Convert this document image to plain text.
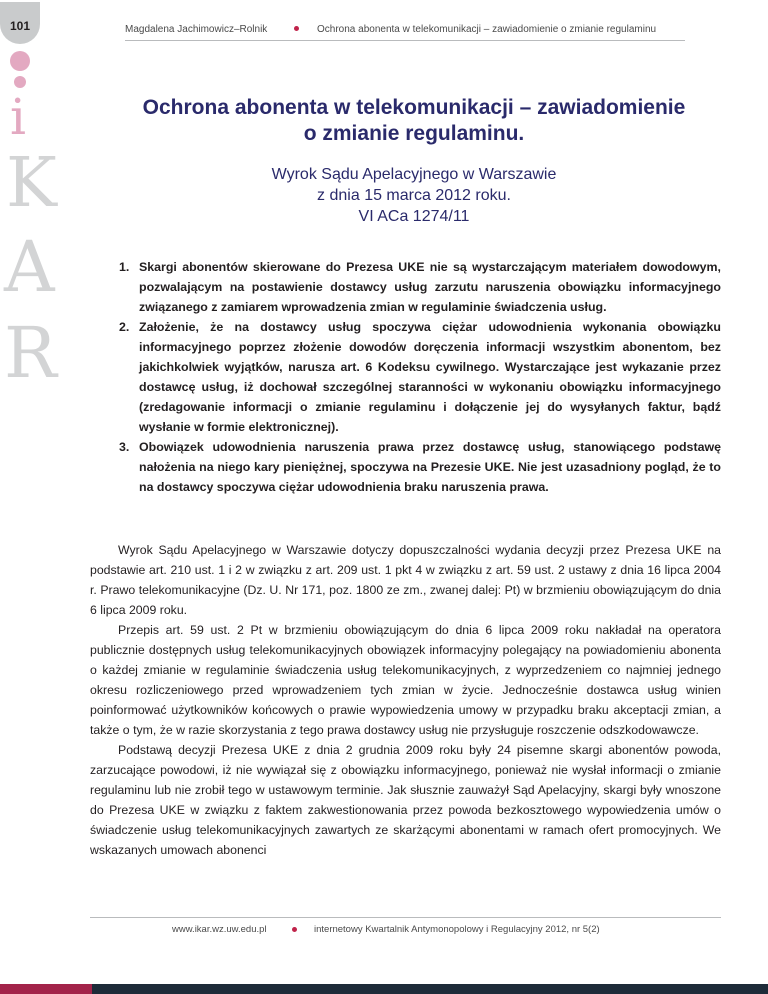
101
i
K
A
R
Magdalena Jachimowicz–Rolnik	Ochrona abonenta w telekomunikacji – zawiadomienie o zmianie regulaminu
Ochrona abonenta w telekomunikacji – zawiadomienie
o zmianie regulaminu.
Wyrok Sądu Apelacyjnego w Warszawie
z dnia 15 marca 2012 roku.
VI ACa 1274/11
1. Skargi abonentów skierowane do Prezesa UKE nie są wystarczającym materiałem dowodowym, pozwalającym na postawienie dostawcy usług zarzutu naruszenia obowiązku informacyjnego związanego z zamiarem wprowadzenia zmian w regulaminie świadczenia usług.
2. Założenie, że na dostawcy usług spoczywa ciężar udowodnienia wykonania obowiązku informacyjnego poprzez złożenie dowodów doręczenia informacji wszystkim abonentom, bez jakichkolwiek wyjątków, narusza art. 6 Kodeksu cywilnego. Wystarczające jest wykazanie przez dostawcę usług, iż dochował szczególnej staranności w wykonaniu obowiązku informacyjnego (zredagowanie informacji o zmianie regulaminu i dołączenie jej do wysyłanych faktur, bądź wysłanie w formie elektronicznej).
3. Obowiązek udowodnienia naruszenia prawa przez dostawcę usług, stanowiącego podstawę nałożenia na niego kary pieniężnej, spoczywa na Prezesie UKE. Nie jest uzasadniony pogląd, że to na dostawcy spoczywa ciężar udowodnienia braku naruszenia prawa.

Wyrok Sądu Apelacyjnego w Warszawie dotyczy dopuszczalności wydania decyzji przez Prezesa UKE na podstawie art. 210 ust. 1 i 2 w związku z art. 209 ust. 1 pkt 4 w związku z art. 59 ust. 2 ustawy z dnia 16 lipca 2004 r. Prawo telekomunikacyjne (Dz. U. Nr 171, poz. 1800 ze zm., zwanej dalej: Pt) w brzmieniu obowiązującym do dnia 6 lipca 2009 roku.

Przepis art. 59 ust. 2 Pt w brzmieniu obowiązującym do dnia 6 lipca 2009 roku nakładał na operatora publicznie dostępnych usług telekomunikacyjnych obowiązek informacyjny polegający na powiadomieniu abonenta o każdej zmianie w regulaminie świadczenia usług telekomunikacyjnych, z wyprzedzeniem co najmniej jednego okresu rozliczeniowego przed wprowadzeniem tych zmian w życie. Jednocześnie dostawca usług winien poinformować użytkowników końcowych o prawie wypowiedzenia umowy w przypadku braku akceptacji zmian, a także o tym, że w razie skorzystania z tego prawa dostawcy usług nie przysługuje roszczenie odszkodowawcze.

Podstawą decyzji Prezesa UKE z dnia 2 grudnia 2009 roku były 24 pisemne skargi abonentów powoda, zarzucające powodowi, iż nie wywiązał się z obowiązku informacyjnego, ponieważ nie wysłał informacji o zmianie regulaminu lub nie zrobił tego w ustawowym terminie. Jak słusznie zauważył Sąd Apelacyjny, skargi były wnoszone do Prezesa UKE w związku z faktem zakwestionowania przez powoda bezkosztowego wypowiedzenia umów o świadczenie usług telekomunikacyjnych zawartych ze skarżącymi abonentami w ramach ofert promocyjnych. We wskazanych umowach abonenci

www.ikar.wz.uw.edu.pl	internetowy Kwartalnik Antymonopolowy i Regulacyjny 2012, nr 5(2)
